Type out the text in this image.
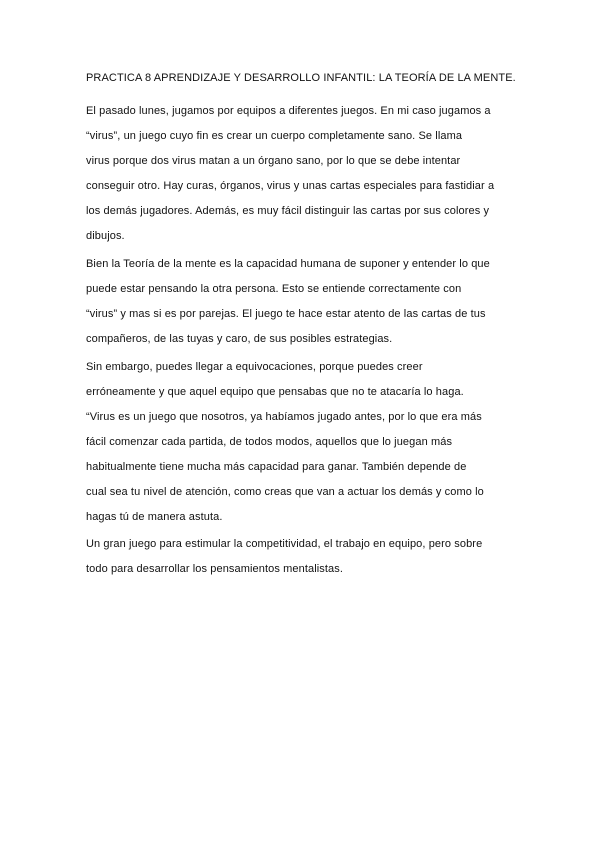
PRACTICA 8 APRENDIZAJE Y DESARROLLO INFANTIL: LA TEORÍA DE LA MENTE.
El pasado lunes, jugamos por equipos a diferentes juegos. En mi caso jugamos a
“virus”, un juego cuyo fin es crear un cuerpo completamente sano. Se llama
virus porque dos virus matan a un órgano sano, por lo que se debe intentar
conseguir otro. Hay curas, órganos, virus y unas cartas especiales para fastidiar a
los demás jugadores. Además, es muy fácil distinguir las cartas por sus colores y
dibujos.
Bien la Teoría de la mente es la capacidad humana de suponer y entender lo que
puede estar pensando la otra persona. Esto se entiende correctamente con
“virus” y mas si es por parejas. El juego te hace estar atento de las cartas de tus
compañeros, de las tuyas y caro, de sus posibles estrategias.
Sin embargo, puedes llegar a equivocaciones, porque puedes creer
erróneamente y que aquel equipo que pensabas que no te atacaría lo haga.
“Virus es un juego que nosotros, ya habíamos jugado antes, por lo que era más
fácil comenzar cada partida, de todos modos, aquellos que lo juegan más
habitualmente tiene mucha más capacidad para ganar. También depende de
cual sea tu nivel de atención, como creas que van a actuar los demás y como lo
hagas tú de manera astuta.
Un gran juego para estimular la competitividad, el trabajo en equipo, pero sobre
todo para desarrollar los pensamientos mentalistas.
